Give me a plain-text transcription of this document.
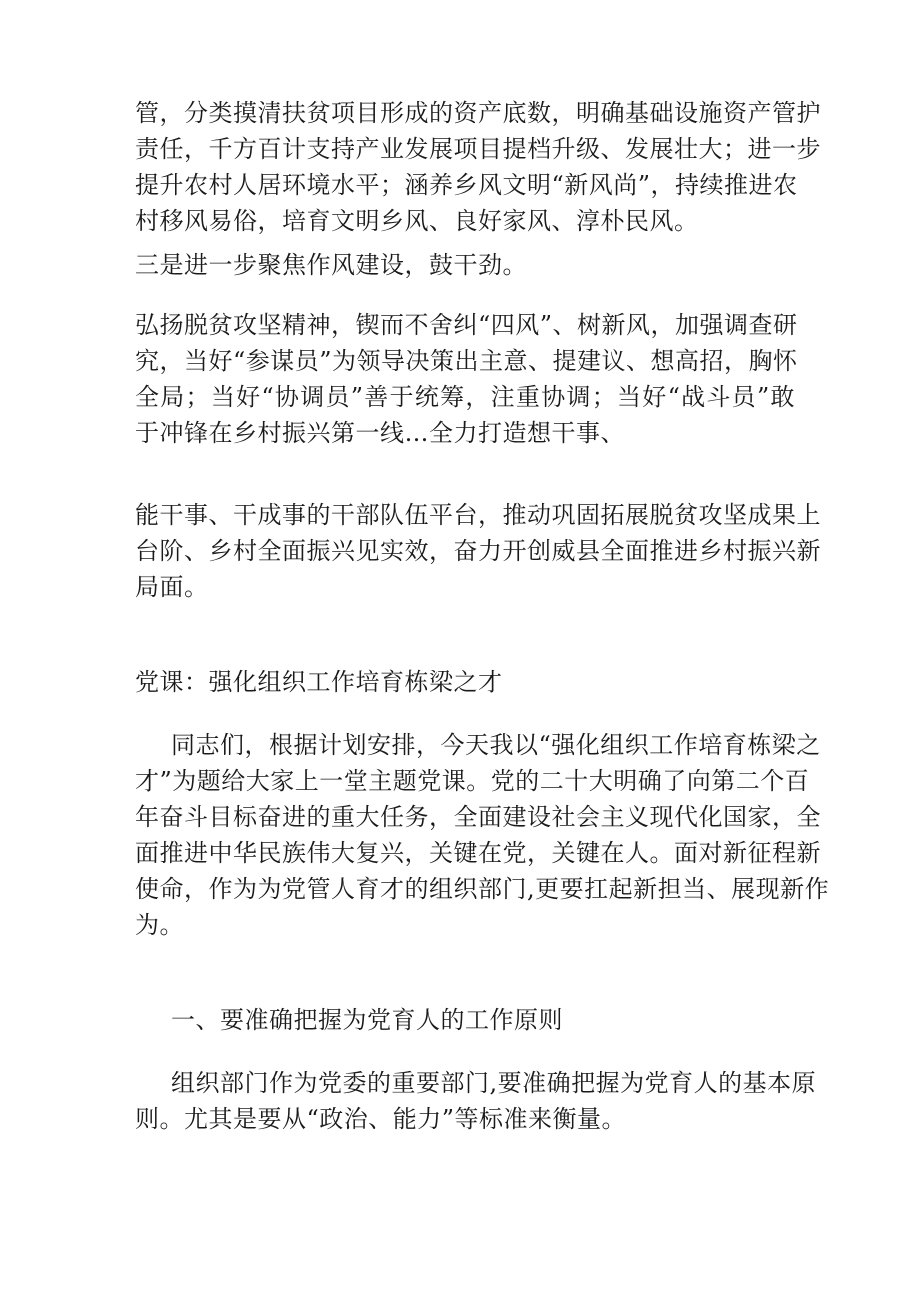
管，分类摸清扶贫项目形成的资产底数，明确基础设施资产管护
责任，千方百计支持产业发展项目提档升级、发展壮大；进一步
提升农村人居环境水平；涵养乡风文明“新风尚”，持续推进农
村移风易俗，培育文明乡风、良好家风、淳朴民风。
三是进一步聚焦作风建设，鼓干劲。
弘扬脱贫攻坚精神，锲而不舍纠“四风”、树新风，加强调查研
究，当好“参谋员”为领导决策出主意、提建议、想高招，胸怀
全局；当好“协调员”善于统筹，注重协调；当好“战斗员”敢
于冲锋在乡村振兴第一线…全力打造想干事、
能干事、干成事的干部队伍平台，推动巩固拓展脱贫攻坚成果上
台阶、乡村全面振兴见实效，奋力开创威县全面推进乡村振兴新
局面。
党课：强化组织工作培育栋梁之才
同志们，根据计划安排，今天我以“强化组织工作培育栋梁之
才”为题给大家上一堂主题党课。党的二十大明确了向第二个百
年奋斗目标奋进的重大任务，全面建设社会主义现代化国家，全
面推进中华民族伟大复兴，关键在党，关键在人。面对新征程新
使命，作为为党管人育才的组织部门,更要扛起新担当、展现新作
为。
一、要准确把握为党育人的工作原则
组织部门作为党委的重要部门,要准确把握为党育人的基本原
则。尤其是要从“政治、能力”等标准来衡量。
